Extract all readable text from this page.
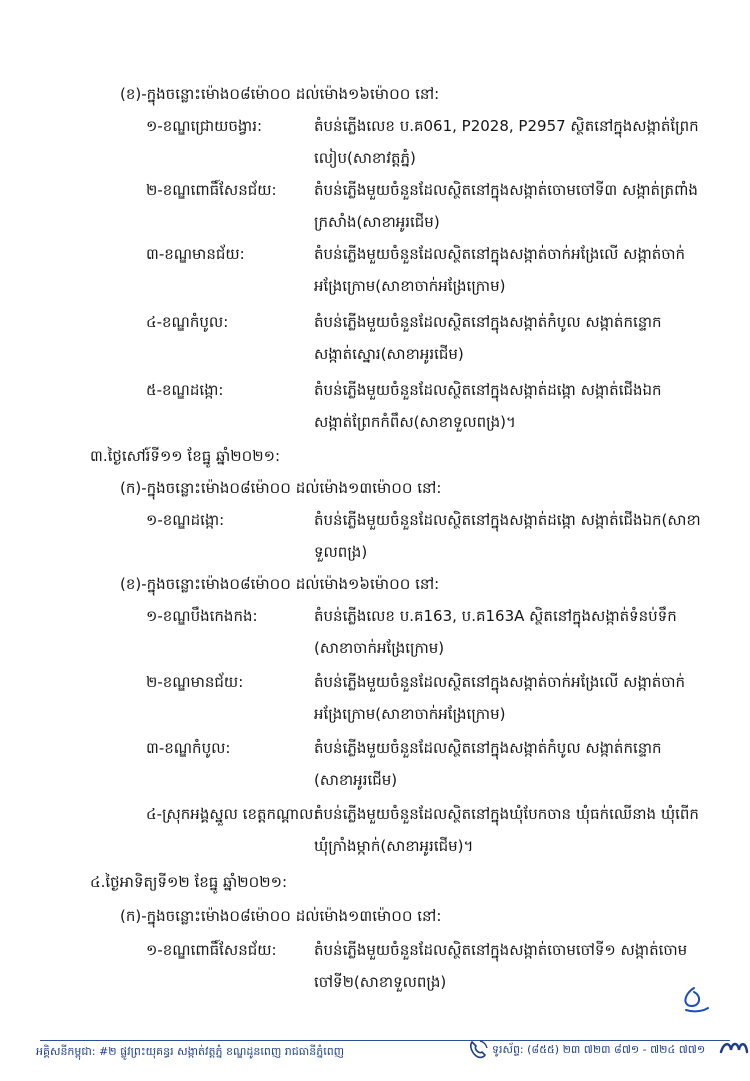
(ខ)-ក្នុងចន្លោះម៉ោង០៨ម៉ោ០០ ដល់ម៉ោង១៦ម៉ោ០០ នៅ:
១-ខណ្ឌជ្រោយចង្វារ:	តំបន់ភ្លើងលេខ ប.គ061, P2028, P2957 ស្ថិតនៅក្នុងសង្កាត់ព្រែក
លៀប(សាខាវត្តភ្នំ)
២-ខណ្ឌពោធិ៍សែនជ័យ: តំបន់ភ្លើងមួយចំនួនដែលស្ថិតនៅក្នុងសង្កាត់ចោមចៅទី៣ សង្កាត់ត្រពាំង
ក្រសាំង(សាខាអូរជើម)
៣-ខណ្ឌមានជ័យ:	តំបន់ភ្លើងមួយចំនួនដែលស្ថិតនៅក្នុងសង្កាត់ចាក់អង្រែលើ សង្កាត់ចាក់
អង្រែក្រោម(សាខាចាក់អង្រែក្រោម)
៤-ខណ្ឌកំបូល:	តំបន់ភ្លើងមួយចំនួនដែលស្ថិតនៅក្នុងសង្កាត់កំបូល សង្កាត់កន្ទោក
សង្កាត់ស្នោរ(សាខាអូរជើម)
៥-ខណ្ឌដង្កោ:	តំបន់ភ្លើងមួយចំនួនដែលស្ថិតនៅក្នុងសង្កាត់ដង្កោ សង្កាត់ជើងឯក
សង្កាត់ព្រែកកំពឹស(សាខាទួលពង្រ)។
៣.ថ្ងៃសៅរ៍ទី១១ ខែធ្នូ ឆ្នាំ២០២១:
(ក)-ក្នុងចន្លោះម៉ោង០៨ម៉ោ០០ ដល់ម៉ោង១៣ម៉ោ០០ នៅ:
១-ខណ្ឌដង្កោ:	តំបន់ភ្លើងមួយចំនួនដែលស្ថិតនៅក្នុងសង្កាត់ដង្កោ សង្កាត់ជើងឯក(សាខា
ទួលពង្រ)
(ខ)-ក្នុងចន្លោះម៉ោង០៨ម៉ោ០០ ដល់ម៉ោង១៦ម៉ោ០០ នៅ:
១-ខណ្ឌបឹងកេងកង:	តំបន់ភ្លើងលេខ ប.គ163, ប.គ163A ស្ថិតនៅក្នុងសង្កាត់ទំនប់ទឹក
(សាខាចាក់អង្រែក្រោម)
២-ខណ្ឌមានជ័យ:	តំបន់ភ្លើងមួយចំនួនដែលស្ថិតនៅក្នុងសង្កាត់ចាក់អង្រែលើ សង្កាត់ចាក់
អង្រែក្រោម(សាខាចាក់អង្រែក្រោម)
៣-ខណ្ឌកំបូល:	តំបន់ភ្លើងមួយចំនួនដែលស្ថិតនៅក្នុងសង្កាត់កំបូល សង្កាត់កន្ទោក
(សាខាអូរជើម)
៤-ស្រុកអង្គស្នួល ខេត្តកណ្ដាល:
តំបន់ភ្លើងមួយចំនួនដែលស្ថិតនៅក្នុងឃុំបែកចាន ឃុំធក់ឈើនាង ឃុំពើក
ឃុំក្រាំងម្កាក់(សាខាអូរជើម)។
៤.ថ្ងៃអាទិត្យទី១២ ខែធ្នូ ឆ្នាំ២០២១:
(ក)-ក្នុងចន្លោះម៉ោង០៨ម៉ោ០០ ដល់ម៉ោង១៣ម៉ោ០០ នៅ:
១-ខណ្ឌពោធិ៍សែនជ័យ: តំបន់ភ្លើងមួយចំនួនដែលស្ថិតនៅក្នុងសង្កាត់ចោមចៅទី១ សង្កាត់ចោម
ចៅទី២(សាខាទួលពង្រ)
អគ្គិសនីកម្ពុជា: #២ ផ្លូវព្រះយុគន្ធរ សង្កាត់វត្តភ្នំ ខណ្ឌដូនពេញ រាជធានីភ្នំពេញ	ទូរស័ព្ទ: (៨៥៥) ២៣ ៧២៣ ៨៧១ - ៧២៤ ៧៧១
